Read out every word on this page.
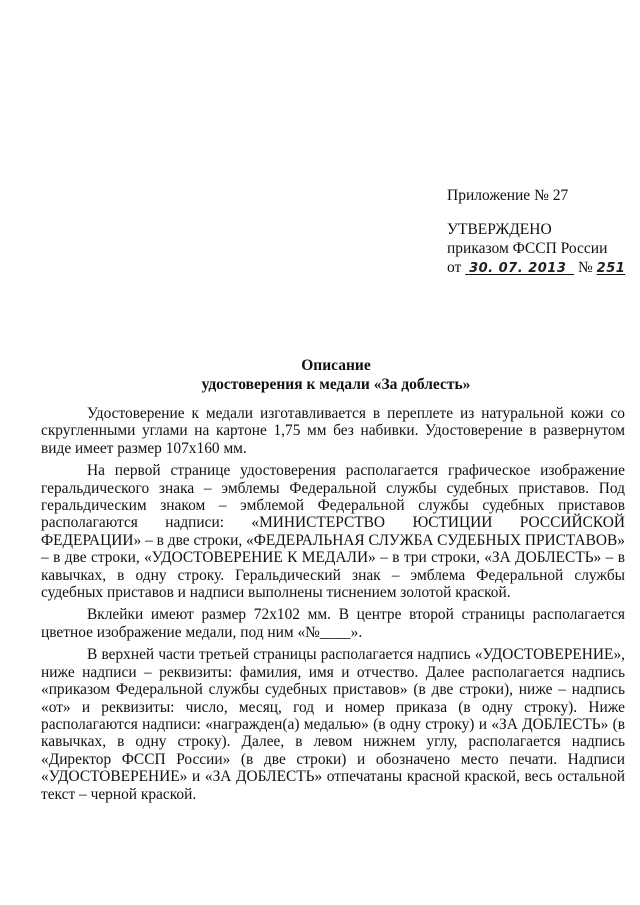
Приложение № 27
УТВЕРЖДЕНО
приказом ФССП России
от 30. 07. 2013 № 251
Описание
удостоверения к медали «За доблесть»

Удостоверение к медали изготавливается в переплете из натуральной кожи со скругленными углами на картоне 1,75 мм без набивки. Удостоверение в развернутом виде имеет размер 107х160 мм.

На первой странице удостоверения располагается графическое изображение геральдического знака – эмблемы Федеральной службы судебных приставов. Под геральдическим знаком – эмблемой Федеральной службы судебных приставов располагаются надписи: «МИНИСТЕРСТВО ЮСТИЦИИ РОССИЙСКОЙ ФЕДЕРАЦИИ» – в две строки, «ФЕДЕРАЛЬНАЯ СЛУЖБА СУДЕБНЫХ ПРИСТАВОВ» – в две строки, «УДОСТОВЕРЕНИЕ К МЕДАЛИ» – в три строки, «ЗА ДОБЛЕСТЬ» – в кавычках, в одну строку. Геральдический знак – эмблема Федеральной службы судебных приставов и надписи выполнены тиснением золотой краской.

Вклейки имеют размер 72х102 мм. В центре второй страницы располагается цветное изображение медали, под ним «№____».

В верхней части третьей страницы располагается надпись «УДОСТОВЕРЕНИЕ», ниже надписи – реквизиты: фамилия, имя и отчество. Далее располагается надпись «приказом Федеральной службы судебных приставов» (в две строки), ниже – надпись «от» и реквизиты: число, месяц, год и номер приказа (в одну строку). Ниже располагаются надписи: «награжден(а) медалью» (в одну строку) и «ЗА ДОБЛЕСТЬ» (в кавычках, в одну строку). Далее, в левом нижнем углу, располагается надпись «Директор ФССП России» (в две строки) и обозначено место печати. Надписи «УДОСТОВЕРЕНИЕ» и «ЗА ДОБЛЕСТЬ» отпечатаны красной краской, весь остальной текст – черной краской.
